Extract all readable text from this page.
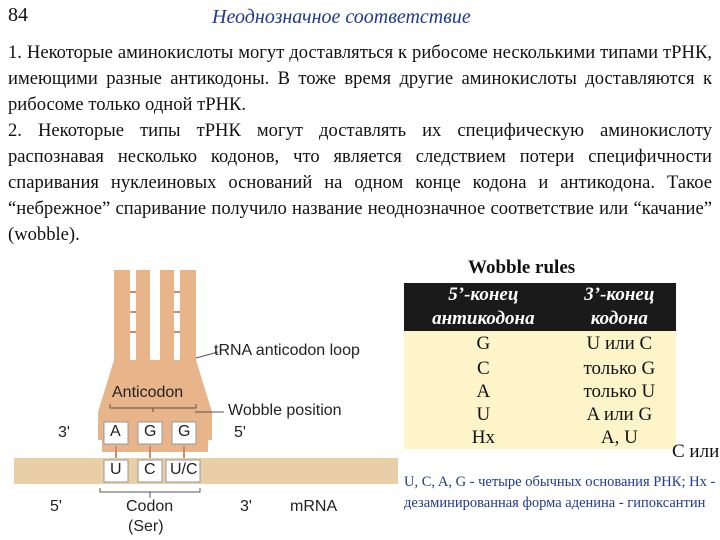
84	Неоднозначное соответствие

1. Некоторые аминокислоты могут доставляться к рибосоме несколькими типами тРНК, имеющими разные антикодоны. В тоже время другие аминокислоты доставляются к рибосоме только одной тРНК.

2. Некоторые типы тРНК могут доставлять их специфическую аминокислоту распознавая несколько кодонов, что является следствием потери специфичности спаривания нуклеиновых оснований на одном конце кодона и антикодона. Такое “небрежное” спаривание получило название неоднозначное соответствие или “качание” (wobble).

tRNA anticodon loop
Anticodon
Wobble position
3'	A G G	5'
U C U/C
5'	Codon	3' mRNA
(Ser)
Wobble rules
5’-конец антикодона	3’-конец кодона
G	U или C
C	только G
A	только U
U	A или G
Hx	A, U
C или
U, C, A, G - четыре обычных основания РНК; Hx - дезаминированная форма аденина - гипоксантин
